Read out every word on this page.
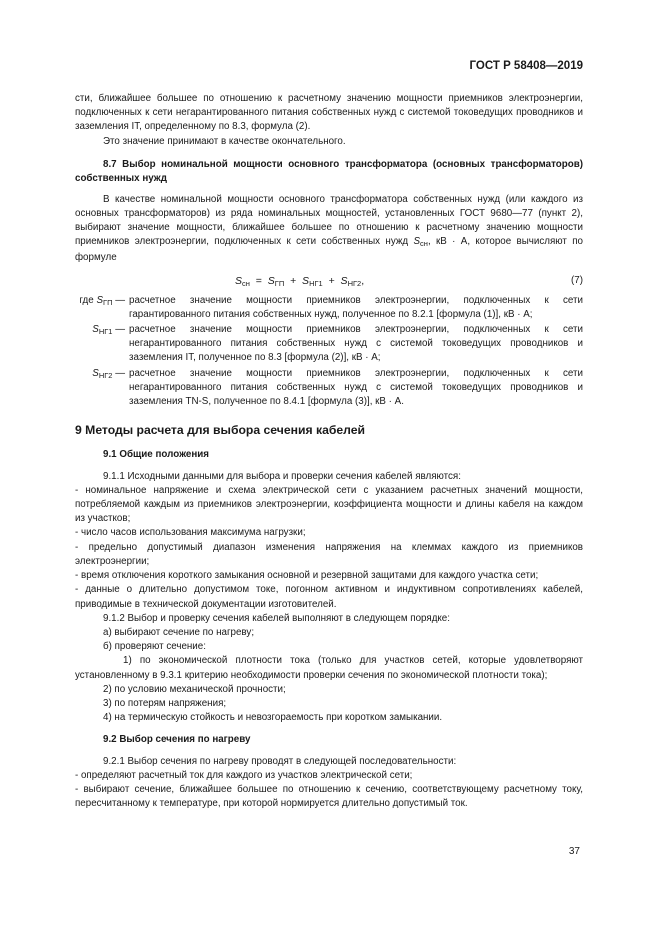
ГОСТ Р 58408—2019

сти, ближайшее большее по отношению к расчетному значению мощности приемников электроэнергии, подключенных к сети негарантированного питания собственных нужд с системой токоведущих проводников и заземления IT, определенному по 8.3, формула (2).

Это значение принимают в качестве окончательного.

8.7 Выбор номинальной мощности основного трансформатора (основных трансформаторов) собственных нужд

В качестве номинальной мощности основного трансформатора собственных нужд (или каждого из основных трансформаторов) из ряда номинальных мощностей, установленных ГОСТ 9680—77 (пункт 2), выбирают значение мощности, ближайшее большее по отношению к расчетному значению мощности приемников электроэнергии, подключенных к сети собственных нужд $S_{сн}$, кВ · А, которое вычисляют по формуле

Sсн = SГП + SНГ1 + SНГ2,	(7)
где $S_{ГП}$ — расчетное значение мощности приемников электроэнергии, подключенных к сети гарантированного питания собственных нужд, полученное по 8.2.1 [формула (1)], кВ · А;
$S_{НГ1}$ — расчетное значение мощности приемников электроэнергии, подключенных к сети негарантированного питания собственных нужд с системой токоведущих проводников и заземления IT, полученное по 8.3 [формула (2)], кВ · А;
$S_{НГ2}$ — расчетное значение мощности приемников электроэнергии, подключенных к сети негарантированного питания собственных нужд с системой токоведущих проводников и заземления TN-S, полученное по 8.4.1 [формула (3)], кВ · А.

9 Методы расчета для выбора сечения кабелей

9.1 Общие положения

9.1.1 Исходными данными для выбора и проверки сечения кабелей являются:

- номинальное напряжение и схема электрической сети с указанием расчетных значений мощности, потребляемой каждым из приемников электроэнергии, коэффициента мощности и длины кабеля на каждом из участков;

- число часов использования максимума нагрузки;

- предельно допустимый диапазон изменения напряжения на клеммах каждого из приемников электроэнергии;

- время отключения короткого замыкания основной и резервной защитами для каждого участка сети;

- данные о длительно допустимом токе, погонном активном и индуктивном сопротивлениях кабелей, приводимые в технической документации изготовителей.

9.1.2 Выбор и проверку сечения кабелей выполняют в следующем порядке:

а) выбирают сечение по нагреву;

б) проверяют сечение:

1) по экономической плотности тока (только для участков сетей, которые удовлетворяют установленному в 9.3.1 критерию необходимости проверки сечения по экономической плотности тока);

2) по условию механической прочности;

3) по потерям напряжения;

4) на термическую стойкость и невозгораемость при коротком замыкании.

9.2 Выбор сечения по нагреву

9.2.1 Выбор сечения по нагреву проводят в следующей последовательности:

- определяют расчетный ток для каждого из участков электрической сети;

- выбирают сечение, ближайшее большее по отношению к сечению, соответствующему расчетному току, пересчитанному к температуре, при которой нормируется длительно допустимый ток.

37
